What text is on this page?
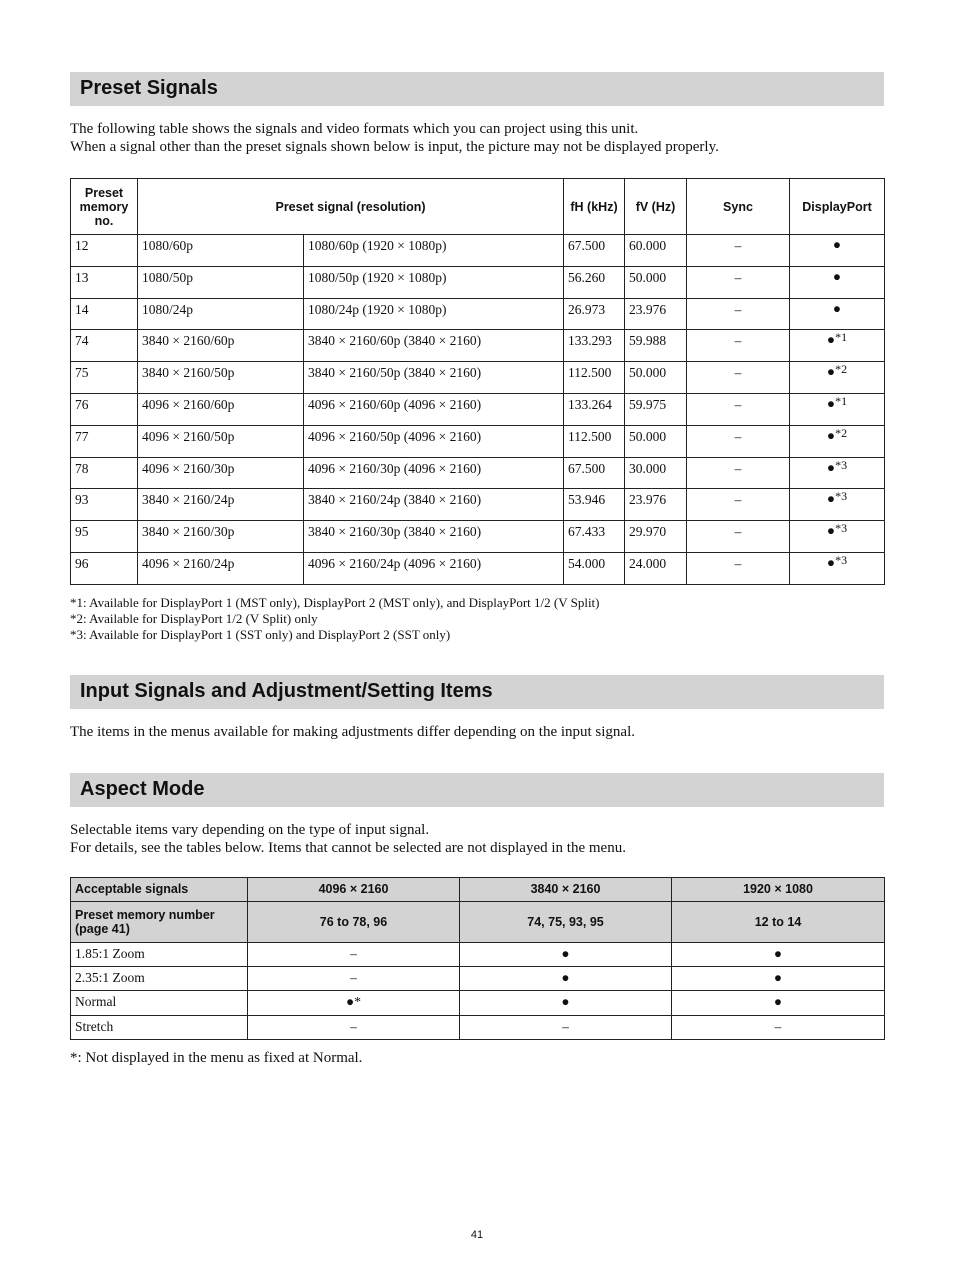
Preset Signals

The following table shows the signals and video formats which you can project using this unit.

When a signal other than the preset signals shown below is input, the picture may not be displayed properly.

Preset memory no.	Preset signal (resolution)		fH (kHz)	fV (Hz)	Sync	DisplayPort
12	1080/60p	1080/60p (1920 × 1080p)	67.500	60.000	–	●
13	1080/50p	1080/50p (1920 × 1080p)	56.260	50.000	–	●
14	1080/24p	1080/24p (1920 × 1080p)	26.973	23.976	–	●
74	3840 × 2160/60p	3840 × 2160/60p (3840 × 2160)	133.293	59.988	–	●*1
75	3840 × 2160/50p	3840 × 2160/50p (3840 × 2160)	112.500	50.000	–	●*2
76	4096 × 2160/60p	4096 × 2160/60p (4096 × 2160)	133.264	59.975	–	●*1
77	4096 × 2160/50p	4096 × 2160/50p (4096 × 2160)	112.500	50.000	–	●*2
78	4096 × 2160/30p	4096 × 2160/30p (4096 × 2160)	67.500	30.000	–	●*3
93	3840 × 2160/24p	3840 × 2160/24p (3840 × 2160)	53.946	23.976	–	●*3
95	3840 × 2160/30p	3840 × 2160/30p (3840 × 2160)	67.433	29.970	–	●*3
96	4096 × 2160/24p	4096 × 2160/24p (4096 × 2160)	54.000	24.000	–	●*3
*1: Available for DisplayPort 1 (MST only), DisplayPort 2 (MST only), and DisplayPort 1/2 (V Split)
*2: Available for DisplayPort 1/2 (V Split) only
*3: Available for DisplayPort 1 (SST only) and DisplayPort 2 (SST only)
Input Signals and Adjustment/Setting Items

The items in the menus available for making adjustments differ depending on the input signal.

Aspect Mode

Selectable items vary depending on the type of input signal.

For details, see the tables below. Items that cannot be selected are not displayed in the menu.

Acceptable signals	4096 × 2160	3840 × 2160	1920 × 1080
Preset memory number (page 41)	76 to 78, 96	74, 75, 93, 95	12 to 14
1.85:1 Zoom	–	●	●
2.35:1 Zoom	–	●	●
Normal	●*	●	●
Stretch	–	–	–
*: Not displayed in the menu as fixed at Normal.
41
